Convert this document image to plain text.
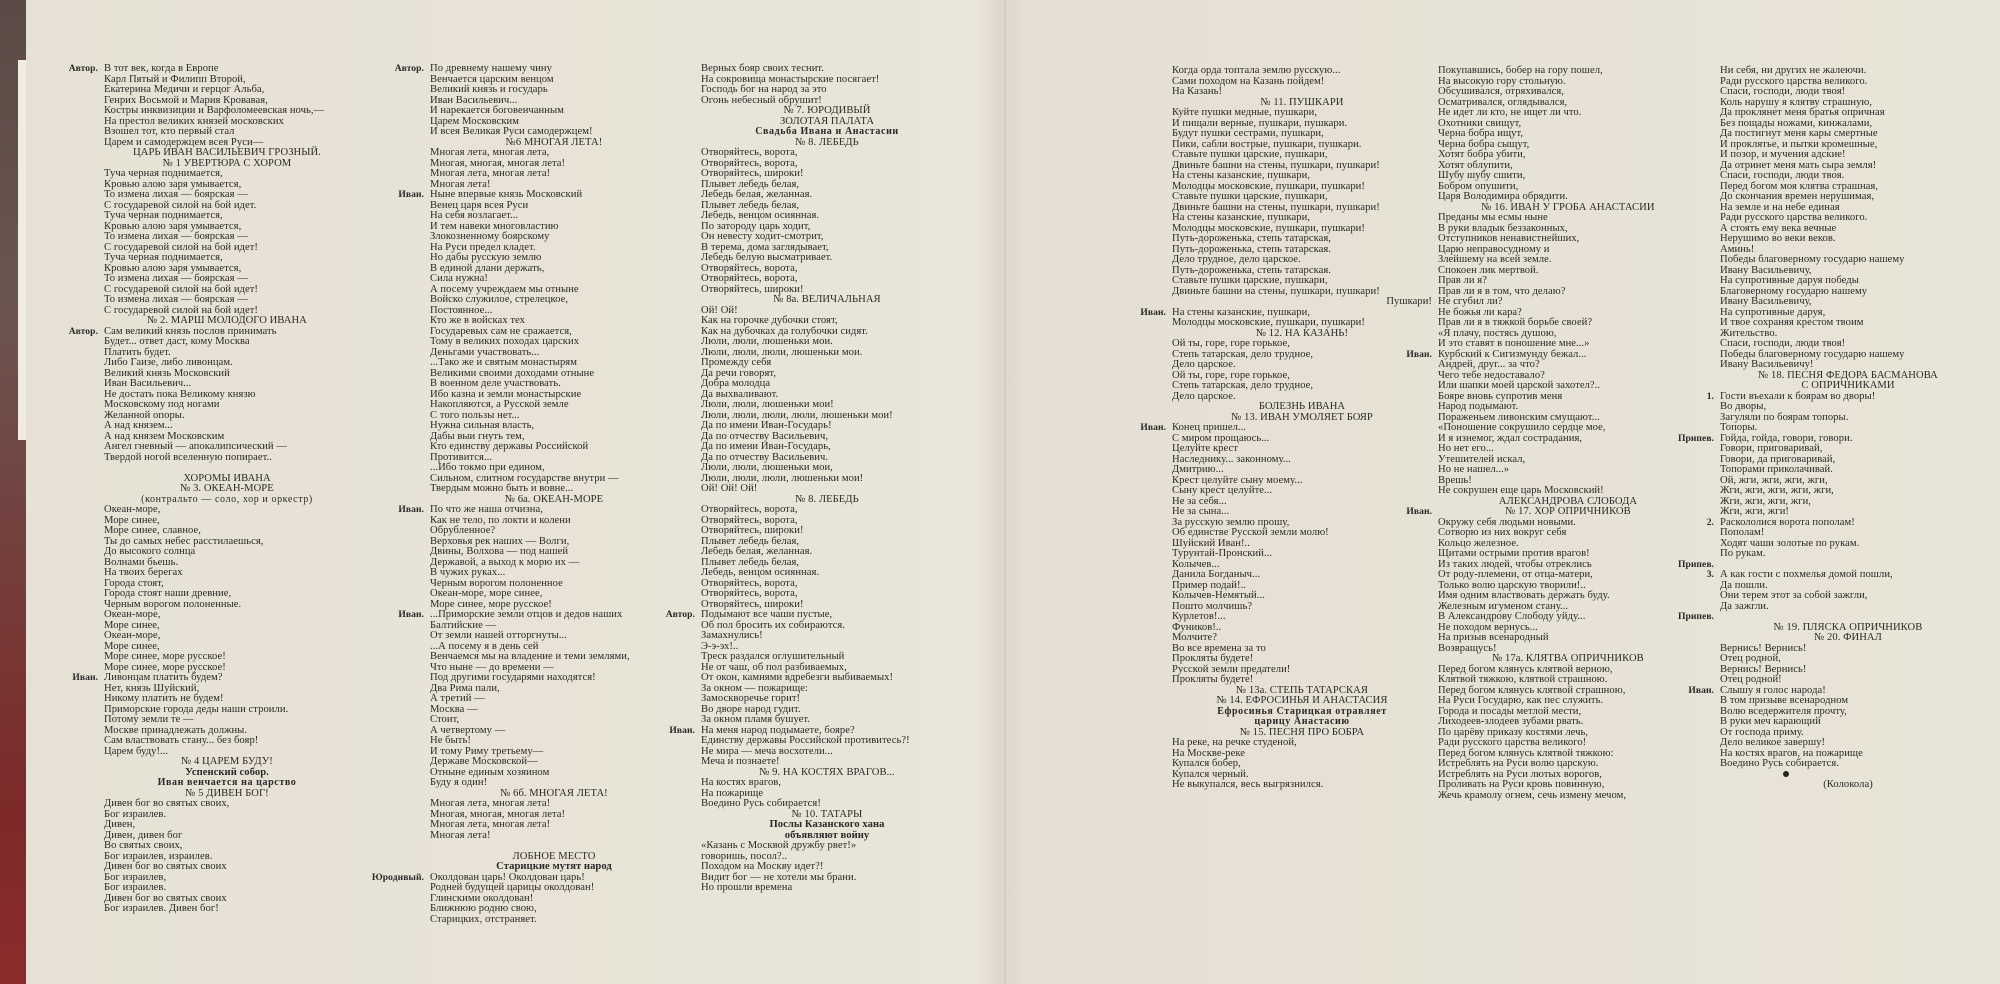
Автор. В тот век, когда в Европе
Карл Пятый и Филипп Второй,
Екатерина Медичи и герцог Альба,
Генрих Восьмой и Мария Кровавая,
Костры инквизиции и Варфоломеевская ночь,—
На престол великих князей московских
Взошел тот, кто первый стал
Царем и самодержцем всея Руси—
ЦАРЬ ИВАН ВАСИЛЬЕВИЧ ГРОЗНЫЙ.
№ 1 УВЕРТЮРА С ХОРОМ
Туча черная поднимается,
Кровью алою заря умывается,
То измена лихая — боярская —
С государевой силой на бой идет.
Туча черная поднимается,
Кровью алою заря умывается,
То измена лихая — боярская —
С государевой силой на бой идет!
Туча черная поднимается,
Кровью алою заря умывается,
То измена лихая — боярская —
С государевой силой на бой идет!
То измена лихая — боярская —
С государевой силой на бой идет!
№ 2. МАРШ МОЛОДОГО ИВАНА
Автор. Сам великий князь послов принимать
Будет... ответ даст, кому Москва
Платить будет.
Либо Гаизе, либо ливонцам.
Великий князь Московский
Иван Васильевич...
Не достать пока Великому князю
Московскому под ногами
Желанной опоры.
А над князем...
А над князем Московским
Ангел гневный — апокалипсический —
Твердой ногой вселенную попирает..
ХОРОМЫ ИВАНА
№ 3. ОКЕАН-МОРЕ
(контральто — соло, хор и оркестр)
Океан-море,
Море синее,
Море синее, славное,
Ты до самых небес расстилаешься,
До высокого солнца
Волнами бьешь.
На твоих берегах
Города стоят,
Города стоят наши древние,
Черным ворогом полоненные.
Океан-море,
Море синее,
Океан-море,
Море синее,
Море синее, море русское!
Море синее, море русское!
Иван. Ливонцам платить будем?
Нет, князь Шуйский,
Никому платить не будем!
Приморские города деды наши строили.
Потому земли те —
Москве принадлежать должны.
Сам властвовать стану... без бояр!
Царем буду!...
№ 4 ЦАРЕМ БУДУ!
Успенский собор.
Иван венчается на царство
№ 5 ДИВЕН БОГ!
Дивен бог во святых своих,
Бог израилев.
Дивен,
Дивен, дивен бог
Во святых своих,
Бог израилев, израилев.
Дивен бог во святых своих
Бог израилев,
Бог израилев.
Дивен бог во святых своих
Бог израилев. Дивен бог!
Автор. По древнему нашему чину
Венчается царским венцом
Великий князь и государь
Иван Васильевич...
И нарекается боговенчанным
Царем Московским
И всея Великая Руси самодержцем!
№6 МНОГАЯ ЛЕТА!
Многая лета, многая лета,
Многая, многая, многая лета!
Многая лета, многая лета!
Многая лета!
Иван. Ныне впервые князь Московский
Венец царя всея Руси
На себя возлагает...
И тем навеки многовластию
Злокозненному боярскому
На Руси предел кладет.
Но дабы русскую землю
В единой длани держать,
Сила нужна!
А посему учреждаем мы отныне
Войско служилое, стрелецкое,
Постоянное...
Кто же в войсках тех
Государевых сам не сражается,
Тому в великих походах царских
Деньгами участвовать...
...Тако же и святым монастырям
Великими своими доходами отныне
В военном деле участвовать.
Ибо казна и земли монастырские
Накопляются, а Русской земле
С того пользы нет...
Нужна сильная власть,
Дабы выи гнуть тем,
Кто единству державы Российской
Противится...
...Ибо токмо при едином,
Сильном, слитном государстве внутри —
Твердым можно быть и вовне...
№ 6а. ОКЕАН-МОРЕ
Иван. По что же наша отчизна,
Как не тело, по локти и колени
Обрубленное?
Верховья рек наших — Волги,
Двины, Волхова — под нашей
Державой, а выход к морю их —
В чужих руках...
Черным ворогом полоненное
Океан-море, море синее,
Море синее, море русское!
Иван. ...Приморские земли отцов и дедов наших
Балтийские —
От земли нашей отторгнуты...
...А посему я в день сей
Венчаемся мы на владение и теми землями,
Что ныне — до времени —
Под другими государями находятся!
Два Рима пали,
А третий —
Москва —
Стоит,
А четвертому —
Не быть!
И тому Риму третьему—
Державе Московской—
Отныне единым хозяином
Буду я один!
№ 6б. МНОГАЯ ЛЕТА!
Многая лета, многая лета!
Многая, многая, многая лета!
Многая лета, многая лета!
Многая лета!
ЛОБНОЕ МЕСТО
Старицкие мутят народ
Юродивый. Околдован царь! Околдован царь!
Родней будущей царицы околдован!
Глинскими околдован!
Ближнюю родню свою,
Старицких, отстраняет.
Верных бояр своих теснит.
На сокровища монастырские посягает!
Господь бог на народ за это
Огонь небесный обрушит!
№ 7. ЮРОДИВЫЙ
ЗОЛОТАЯ ПАЛАТА
Свадьба Ивана и Анастасии
№ 8. ЛЕБЕДЬ
Отворяйтесь, ворота,
Отворяйтесь, ворота,
Отворяйтесь, широки!
Плывет лебедь белая,
Лебедь белая, желанная.
Плывет лебедь белая,
Лебедь, венцом осиянная.
По затороду царь ходит,
Он невесту ходит-смотрит,
В терема, дома заглядывает,
Лебедь белую высматривает.
Отворяйтесь, ворота,
Отворяйтесь, ворота,
Отворяйтесь, широки!
№ 8а. ВЕЛИЧАЛЬНАЯ
Ой! Ой!
Как на горочке дубочки стоят,
Как на дубочках да голубочки сидят.
Люли, люли, люшеньки мои.
Люли, люли, люли, люшеньки мои.
Промежду себя
Да речи говорят,
Добра молодца
Да выхваливают.
Люли, люли, люшеньки мои!
Люли, люли, люли, люли, люшеньки мои!
Да по имени Иван-Государь!
Да по отчеству Васильевич,
Да по имени Иван-Государь,
Да по отчеству Васильевич.
Люли, люли, люшеньки мои,
Люли, люли, люли, люшеньки мои!
Ой! Ой! Ой!
№ 8. ЛЕБЕДЬ
Отворяйтесь, ворота,
Отворяйтесь, ворота,
Отворяйтесь, широки!
Плывет лебедь белая,
Лебедь белая, желанная.
Плывет лебедь белая,
Лебедь, венцом осиянная.
Отворяйтесь, ворота,
Отворяйтесь, ворота,
Отворяйтесь, широки!
Автор. Подымают все чаши пустые,
Об пол бросить их собираются.
Замахнулись!
Э-э-эх!..
Треск раздался оглушительный
Не от чаш, об пол разбиваемых,
От окон, камнями вдребезги выбиваемых!
За окном — пожарище:
Замоскворечье горит!
Во дворе народ гудит.
За окном пламя бушует.
Иван. На меня народ подымаете, бояре?
Единству державы Российской противитесь?!
Не мира — меча восхотели...
Меча и познаете!
№ 9. НА КОСТЯХ ВРАГОВ...
На костях врагов,
На пожарище
Воедино Русь собирается!
№ 10. ТАТАРЫ
Послы Казанского хана
объявляют войну
«Казань с Москвой дружбу рвет!»
говоришь, посол?..
Походом на Москву идет?!
Видит бог — не хотели мы брани.
Но прошли времена
Когда орда топтала землю русскую...
Сами походом на Казань пойдем!
На Казань!
№ 11. ПУШКАРИ
Куйте пушки медные, пушкари,
И пищали верные, пушкари, пушкари.
Будут пушки сестрами, пушкари,
Пики, сабли вострые, пушкари, пушкари.
Ставьте пушки царские, пушкари,
Двиньте башни на стены, пушкари, пушкари!
На стены казанские, пушкари,
Молодцы московские, пушкари, пушкари!
Ставьте пушки царские, пушкари,
Двиньте башни на стены, пушкари, пушкари!
На стены казанские, пушкари,
Молодцы московские, пушкари, пушкари!
Путь-дороженька, степь татарская,
Путь-дороженька, степь татарская.
Дело трудное, дело царское.
Путь-дороженька, степь татарская.
Ставьте пушки царские, пушкари,
Двиньте башни на стены, пушкари, пушкари!
Пушкари!
Иван. На стены казанские, пушкари,
Молодцы московские, пушкари, пушкари!
№ 12. НА КАЗАНЬ!
Ой ты, горе, горе горькое,
Степь татарская, дело трудное,
Дело царское.
Ой ты, горе, горе горькое,
Степь татарская, дело трудное,
Дело царское.
БОЛЕЗНЬ ИВАНА
№ 13. ИВАН УМОЛЯЕТ БОЯР
Иван. Конец пришел...
С миром прощаюсь...
Целуйте крест
Наследнику... законному...
Дмитрию...
Крест целуйте сыну моему...
Сыну крест целуйте...
Не за себя...
Не за сына...
За русскую землю прошу,
Об единстве Русской земли молю!
Шуйский Иван!..
Турунтай-Пронский...
Колычев...
Данила Богданыч...
Пример подай!..
Колычев-Немятый...
Пошто молчишь?
Курлетов!...
Фуников!..
Молчите?
Во все времена за то
Прокляты будете!
Русской земли предатели!
Прокляты будете!
№ 13а. СТЕПЬ ТАТАРСКАЯ
№ 14. ЕФРОСИНЬЯ И АНАСТАСИЯ
Ефросинья Старицкая отравляет
царицу Анастасию
№ 15. ПЕСНЯ ПРО БОБРА
На реке, на речке студеной,
На Москве-реке
Купался бобер,
Купался черный.
Не выкупался, весь выгрязнился.
Покупавшись, бобер на гору пошел,
На высокую гору стольную.
Обсушивался, отряхивался,
Осматривался, оглядывался,
Не идет ли кто, не ищет ли что.
Охотники свищут,
Черна бобра ищут,
Черна бобра сыщут,
Хотят бобра убити,
Хотят облупити,
Шубу шубу сшити,
Бобром опушити,
Царя Володимира обрядити.
№ 16. ИВАН У ГРОБА АНАСТАСИИ
Преданы мы есмы ныне
В руки владык беззаконных,
Отступников ненавистнейших,
Царю неправосудному и
Злейшему на всей земле.
Спокоен лик мертвой.
Прав ли я?
Прав ли я в том, что делаю?
Не сгубил ли?
Не божья ли кара?
Прав ли я в тяжкой борьбе своей?
«Я плачу, постясь душою,
И это ставят в поношение мне...»
Иван. Курбский к Сигизмунду бежал...
Андрей, друг... за что?
Чего тебе недоставало?
Или шапки моей царской захотел?..
Бояре вновь супротив меня
Народ подымают.
Пораженьем ливонским смущают...
«Поношение сокрушило сердце мое,
И я изнемог, ждал сострадания,
Но нет его...
Утешителей искал,
Но не нашел...»
Врешь!
Не сокрушен еще царь Московский!
АЛЕКСАНДРОВА СЛОБОДА
Иван.	№ 17. ХОР ОПРИЧНИКОВ
Окружу себя людьми новыми.
Сотворю из них вокруг себя
Кольцо железное.
Щитами острыми против врагов!
Из таких людей, чтобы отреклись
От роду-племени, от отца-матери,
Только волю царскую творили!..
Имя одним властвовать держать буду.
Железным игуменом стану...
В Александрову Слободу уйду...
Не походом вернусь...
На призыв всенародный
Возвращусь!
№ 17а. КЛЯТВА ОПРИЧНИКОВ
Перед богом клянусь клятвой верною,
Клятвой тяжкою, клятвой страшною.
Перед богом клянусь клятвой страшною,
На Руси Государю, как пес служить.
Города и посады метлой мести,
Лиходеев-злодеев зубами рвать.
По царёву приказу костями лечь,
Ради русского царства великого!
Перед богом клянусь клятвой тяжкою:
Истреблять на Руси волю царскую.
Истреблять на Руси лютых ворогов,
Проливать на Руси кровь повинную,
Жечь крамолу огнем, сечь измену мечом,
Ни себя, ни других не жалеючи.
Ради русского царства великого.
Спаси, господи, люди твоя!
Коль нарушу я клятву страшную,
Да проклянет меня братья опричная
Без пощады ножами, кинжалами,
Да постигнут меня кары смертные
И проклятье, и пытки кромешные,
И позор, и мучения адские!
Да отринет меня мать сыра земля!
Спаси, господи, люди твоя.
Перед богом моя клятва страшная,
До скончания времен нерушимая,
На земле и на небе единая
Ради русского царства великого.
А стоять ему века вечные
Нерушимо во веки веков.
Аминь!
Победы благоверному государю нашему
Ивану Васильевичу,
На супротивные даруя победы
Благоверному государю нашему
Ивану Васильевичу,
На супротивные даруя,
И твое сохраняя крестом твоим
Жительство.
Спаси, господи, люди твоя!
Победы благоверному государю нашему
Ивану Васильевичу!
№ 18. ПЕСНЯ ФЕДОРА БАСМАНОВА
С ОПРИЧНИКАМИ
1. Гости въехали к боярам во дворы!
Во дворы,
Загуляли по боярам топоры.
Топоры.
Припев. Гойда, гойда, говори, говори.
Говори, приговаривай,
Говори, да приговаривай,
Топорами приколачивай.
Ой, жги, жги, жги, жги,
Жги, жги, жги, жги, жги,
Жги, жги, жги, жги,
Жги, жги, жги!
2. Раскололися ворота пополам!
Пополам!
Ходят чаши золотые по рукам.
По рукам.
Припев.
3. А как гости с похмелья домой пошли,
Да пошли.
Они терем этот за собой зажгли,
Да зажгли.
Припев.
№ 19. ПЛЯСКА ОПРИЧНИКОВ
№ 20. ФИНАЛ
Вернись! Вернись!
Отец родной,
Вернись! Вернись!
Отец родной!
Иван. Слышу я голос народа!
В том призыве всенародном
Волю вседержителя прочту,
В руки меч карающий
От господа приму.
Дело великое завершу!
На костях врагов, на пожарище
Воедино Русь собирается.
(Колокола)
